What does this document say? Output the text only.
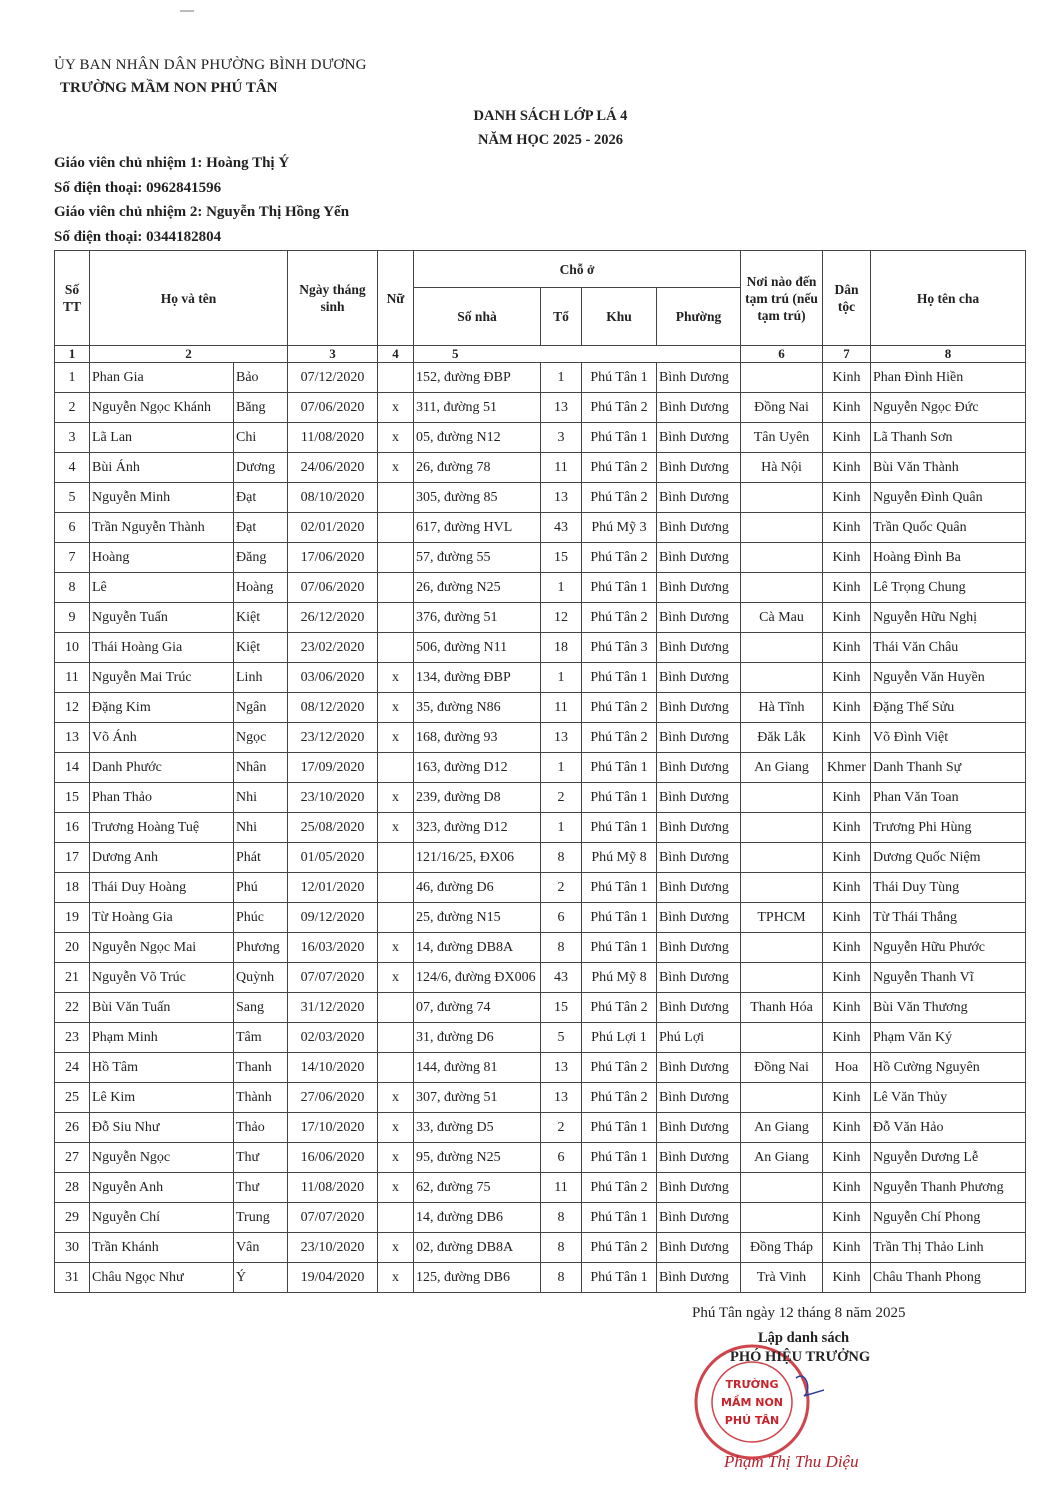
ỦY BAN NHÂN DÂN PHƯỜNG BÌNH DƯƠNG
TRƯỜNG MẦM NON PHÚ TÂN
DANH SÁCH LỚP LÁ 4
NĂM HỌC 2025 - 2026
Giáo viên chủ nhiệm 1: Hoàng Thị Ý
Số điện thoại: 0962841596
Giáo viên chủ nhiệm 2: Nguyễn Thị Hồng Yến
Số điện thoại: 0344182804
Số TT	Họ và tên		Ngày tháng sinh	Nữ	Chỗ ở				Nơi nào đến tạm trú (nếu tạm trú)	Dân tộc	Họ tên cha
					Số nhà	Tổ	Khu	Phường			
1	2		3	4	5				6	7	8
1	Phan Gia	Bảo	07/12/2020		152, đường ĐBP	1	Phú Tân 1	Bình Dương		Kinh	Phan Đình Hiền
2	Nguyễn Ngọc Khánh	Băng	07/06/2020	x	311, đường 51	13	Phú Tân 2	Bình Dương	Đồng Nai	Kinh	Nguyễn Ngọc Đức
3	Lã Lan	Chi	11/08/2020	x	05, đường N12	3	Phú Tân 1	Bình Dương	Tân Uyên	Kinh	Lã Thanh Sơn
4	Bùi Ánh	Dương	24/06/2020	x	26, đường 78	11	Phú Tân 2	Bình Dương	Hà Nội	Kinh	Bùi Văn Thành
5	Nguyễn Minh	Đạt	08/10/2020		305, đường 85	13	Phú Tân 2	Bình Dương		Kinh	Nguyễn Đình Quân
6	Trần Nguyễn Thành	Đạt	02/01/2020		617, đường HVL	43	Phú Mỹ 3	Bình Dương		Kinh	Trần Quốc Quân
7	Hoàng	Đăng	17/06/2020		57, đường 55	15	Phú Tân 2	Bình Dương		Kinh	Hoàng Đình Ba
8	Lê	Hoàng	07/06/2020		26, đường N25	1	Phú Tân 1	Bình Dương		Kinh	Lê Trọng Chung
9	Nguyễn Tuấn	Kiệt	26/12/2020		376, đường 51	12	Phú Tân 2	Bình Dương	Cà Mau	Kinh	Nguyễn Hữu Nghị
10	Thái Hoàng Gia	Kiệt	23/02/2020		506, đường N11	18	Phú Tân 3	Bình Dương		Kinh	Thái Văn Châu
11	Nguyễn Mai Trúc	Linh	03/06/2020	x	134, đường ĐBP	1	Phú Tân 1	Bình Dương		Kinh	Nguyễn Văn Huyền
12	Đặng Kim	Ngân	08/12/2020	x	35, đường N86	11	Phú Tân 2	Bình Dương	Hà Tĩnh	Kinh	Đặng Thế Sửu
13	Võ Ánh	Ngọc	23/12/2020	x	168, đường 93	13	Phú Tân 2	Bình Dương	Đăk Lắk	Kinh	Võ Đình Việt
14	Danh Phước	Nhân	17/09/2020		163, đường D12	1	Phú Tân 1	Bình Dương	An Giang	Khmer	Danh Thanh Sự
15	Phan Thảo	Nhi	23/10/2020	x	239, đường D8	2	Phú Tân 1	Bình Dương		Kinh	Phan Văn Toan
16	Trương Hoàng Tuệ	Nhi	25/08/2020	x	323, đường D12	1	Phú Tân 1	Bình Dương		Kinh	Trương Phi Hùng
17	Dương Anh	Phát	01/05/2020		121/16/25, ĐX06	8	Phú Mỹ 8	Bình Dương		Kinh	Dương Quốc Niệm
18	Thái Duy Hoàng	Phú	12/01/2020		46, đường D6	2	Phú Tân 1	Bình Dương		Kinh	Thái Duy Tùng
19	Từ Hoàng Gia	Phúc	09/12/2020		25, đường N15	6	Phú Tân 1	Bình Dương	TPHCM	Kinh	Từ Thái Thắng
20	Nguyễn Ngọc Mai	Phương	16/03/2020	x	14, đường DB8A	8	Phú Tân 1	Bình Dương		Kinh	Nguyễn Hữu Phước
21	Nguyễn Võ Trúc	Quỳnh	07/07/2020	x	124/6, đường ĐX006	43	Phú Mỹ 8	Bình Dương		Kinh	Nguyễn Thanh Vĩ
22	Bùi Văn Tuấn	Sang	31/12/2020		07, đường 74	15	Phú Tân 2	Bình Dương	Thanh Hóa	Kinh	Bùi Văn Thương
23	Phạm Minh	Tâm	02/03/2020		31, đường D6	5	Phú Lợi 1	Phú Lợi		Kinh	Phạm Văn Ký
24	Hồ Tâm	Thanh	14/10/2020		144, đường 81	13	Phú Tân 2	Bình Dương	Đồng Nai	Hoa	Hồ Cường Nguyên
25	Lê Kim	Thành	27/06/2020	x	307, đường 51	13	Phú Tân 2	Bình Dương		Kinh	Lê Văn Thủy
26	Đỗ Siu Như	Thảo	17/10/2020	x	33, đường D5	2	Phú Tân 1	Bình Dương	An Giang	Kinh	Đỗ Văn Hảo
27	Nguyễn Ngọc	Thư	16/06/2020	x	95, đường N25	6	Phú Tân 1	Bình Dương	An Giang	Kinh	Nguyễn Dương Lễ
28	Nguyễn Anh	Thư	11/08/2020	x	62, đường 75	11	Phú Tân 2	Bình Dương		Kinh	Nguyễn Thanh Phương
29	Nguyễn Chí	Trung	07/07/2020		14, đường DB6	8	Phú Tân 1	Bình Dương		Kinh	Nguyễn Chí Phong
30	Trần Khánh	Vân	23/10/2020	x	02, đường DB8A	8	Phú Tân 2	Bình Dương	Đồng Tháp	Kinh	Trần Thị Thảo Linh
31	Châu Ngọc Như	Ý	19/04/2020	x	125, đường DB6	8	Phú Tân 1	Bình Dương	Trà Vinh	Kinh	Châu Thanh Phong
Phú Tân ngày 12 tháng 8 năm 2025
Lập danh sách
TRƯỜNG
MẦM NON
PHÚ TÂN
PHÓ HIỆU TRƯỞNG
Phạm Thị Thu Diệu
